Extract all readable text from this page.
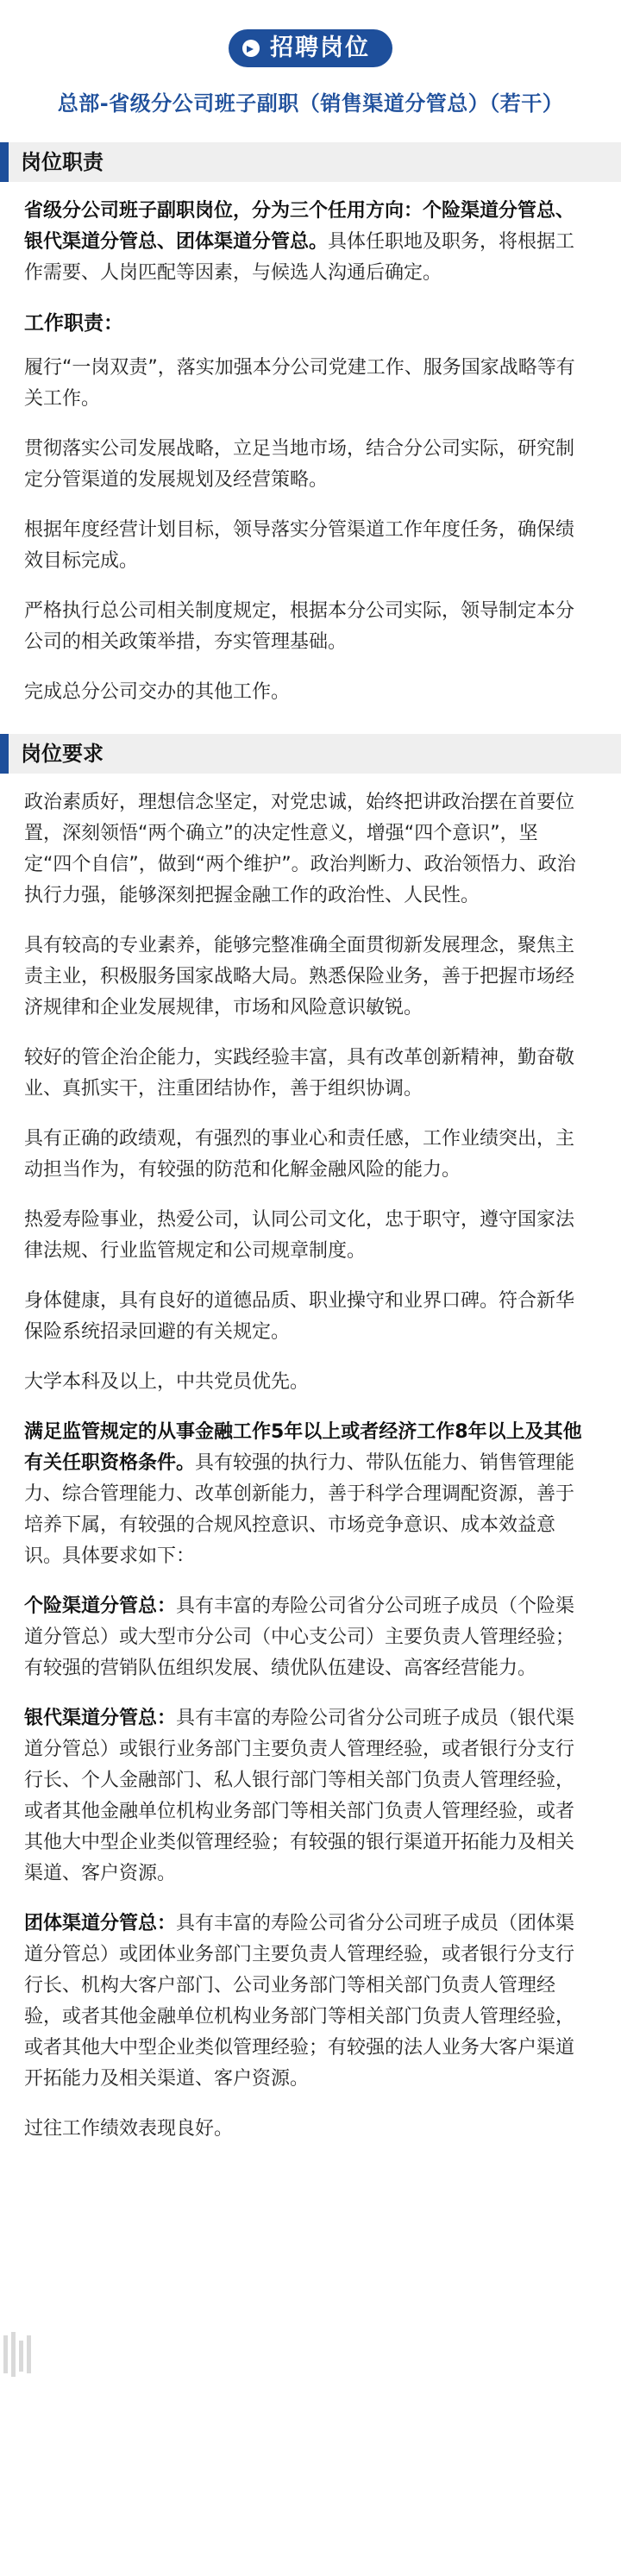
招聘岗位
总部-省级分公司班子副职（销售渠道分管总）（若干）
岗位职责

省级分公司班子副职岗位，分为三个任用方向：个险渠道分管总、银代渠道分管总、团体渠道分管总。具体任职地及职务，将根据工作需要、人岗匹配等因素，与候选人沟通后确定。

工作职责：

履行“一岗双责”，落实加强本分公司党建工作、服务国家战略等有关工作。

贯彻落实公司发展战略，立足当地市场，结合分公司实际，研究制定分管渠道的发展规划及经营策略。

根据年度经营计划目标，领导落实分管渠道工作年度任务，确保绩效目标完成。

严格执行总公司相关制度规定，根据本分公司实际，领导制定本分公司的相关政策举措，夯实管理基础。

完成总分公司交办的其他工作。

岗位要求

政治素质好，理想信念坚定，对党忠诚，始终把讲政治摆在首要位置，深刻领悟“两个确立”的决定性意义，增强“四个意识”，坚定“四个自信”，做到“两个维护”。政治判断力、政治领悟力、政治执行力强，能够深刻把握金融工作的政治性、人民性。

具有较高的专业素养，能够完整准确全面贯彻新发展理念，聚焦主责主业，积极服务国家战略大局。熟悉保险业务，善于把握市场经济规律和企业发展规律，市场和风险意识敏锐。

较好的管企治企能力，实践经验丰富，具有改革创新精神，勤奋敬业、真抓实干，注重团结协作，善于组织协调。

具有正确的政绩观，有强烈的事业心和责任感，工作业绩突出，主动担当作为，有较强的防范和化解金融风险的能力。

热爱寿险事业，热爱公司，认同公司文化，忠于职守，遵守国家法律法规、行业监管规定和公司规章制度。

身体健康，具有良好的道德品质、职业操守和业界口碑。符合新华保险系统招录回避的有关规定。

大学本科及以上，中共党员优先。

满足监管规定的从事金融工作5年以上或者经济工作8年以上及其他有关任职资格条件。具有较强的执行力、带队伍能力、销售管理能力、综合管理能力、改革创新能力，善于科学合理调配资源，善于培养下属，有较强的合规风控意识、市场竞争意识、成本效益意识。具体要求如下：

个险渠道分管总：具有丰富的寿险公司省分公司班子成员（个险渠道分管总）或大型市分公司（中心支公司）主要负责人管理经验；有较强的营销队伍组织发展、绩优队伍建设、高客经营能力。

银代渠道分管总：具有丰富的寿险公司省分公司班子成员（银代渠道分管总）或银行业务部门主要负责人管理经验，或者银行分支行行长、个人金融部门、私人银行部门等相关部门负责人管理经验，或者其他金融单位机构业务部门等相关部门负责人管理经验，或者其他大中型企业类似管理经验；有较强的银行渠道开拓能力及相关渠道、客户资源。

团体渠道分管总：具有丰富的寿险公司省分公司班子成员（团体渠道分管总）或团体业务部门主要负责人管理经验，或者银行分支行行长、机构大客户部门、公司业务部门等相关部门负责人管理经验，或者其他金融单位机构业务部门等相关部门负责人管理经验，或者其他大中型企业类似管理经验；有较强的法人业务大客户渠道开拓能力及相关渠道、客户资源。

过往工作绩效表现良好。
